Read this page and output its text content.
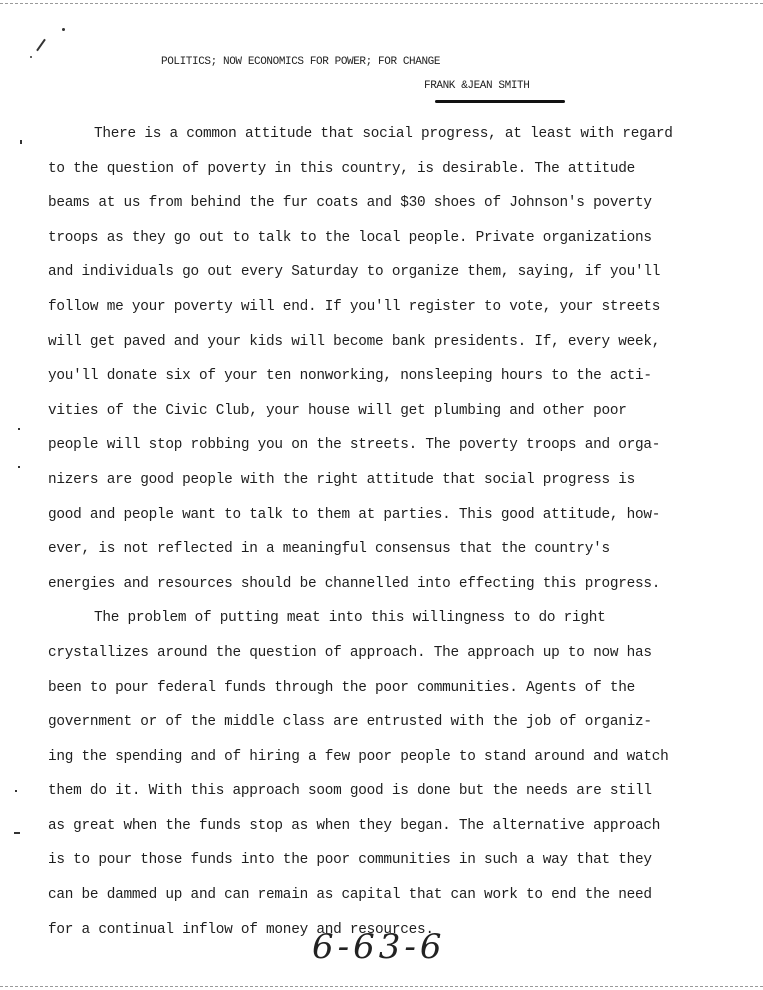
POLITICS; NOW ECONOMICS FOR POWER; FOR CHANGE
FRANK &JEAN SMITH
There is a common attitude that social progress, at least with regard
to the question of poverty in this country, is desirable. The attitude
beams at us from behind the fur coats and $30 shoes of Johnson's poverty
troops as they go out to talk to the local people. Private organizations
and individuals go out every Saturday to organize them, saying, if you'll
follow me your poverty will end. If you'll register to vote, your streets
will get paved and your kids will become bank presidents. If, every week,
you'll donate six of your ten nonworking, nonsleeping hours to the acti-
vities of the Civic Club, your house will get plumbing and other poor
people will stop robbing you on the streets. The poverty troops and orga-
nizers are good people with the right attitude that social progress is
good and people want to talk to them at parties. This good attitude, how-
ever, is not reflected in a meaningful consensus that the country's
energies and resources should be channelled into effecting this progress.
The problem of putting meat into this willingness to do right
crystallizes around the question of approach. The approach up to now has
been to pour federal funds through the poor communities. Agents of the
government or of the middle class are entrusted with the job of organiz-
ing the spending and of hiring a few poor people to stand around and watch
them do it. With this approach soom good is done but the needs are still
as great when the funds stop as when they began. The alternative approach
is to pour those funds into the poor communities in such a way that they
can be dammed up and can remain as capital that can work to end the need
for a continual inflow of money and resources.
6-63-6
